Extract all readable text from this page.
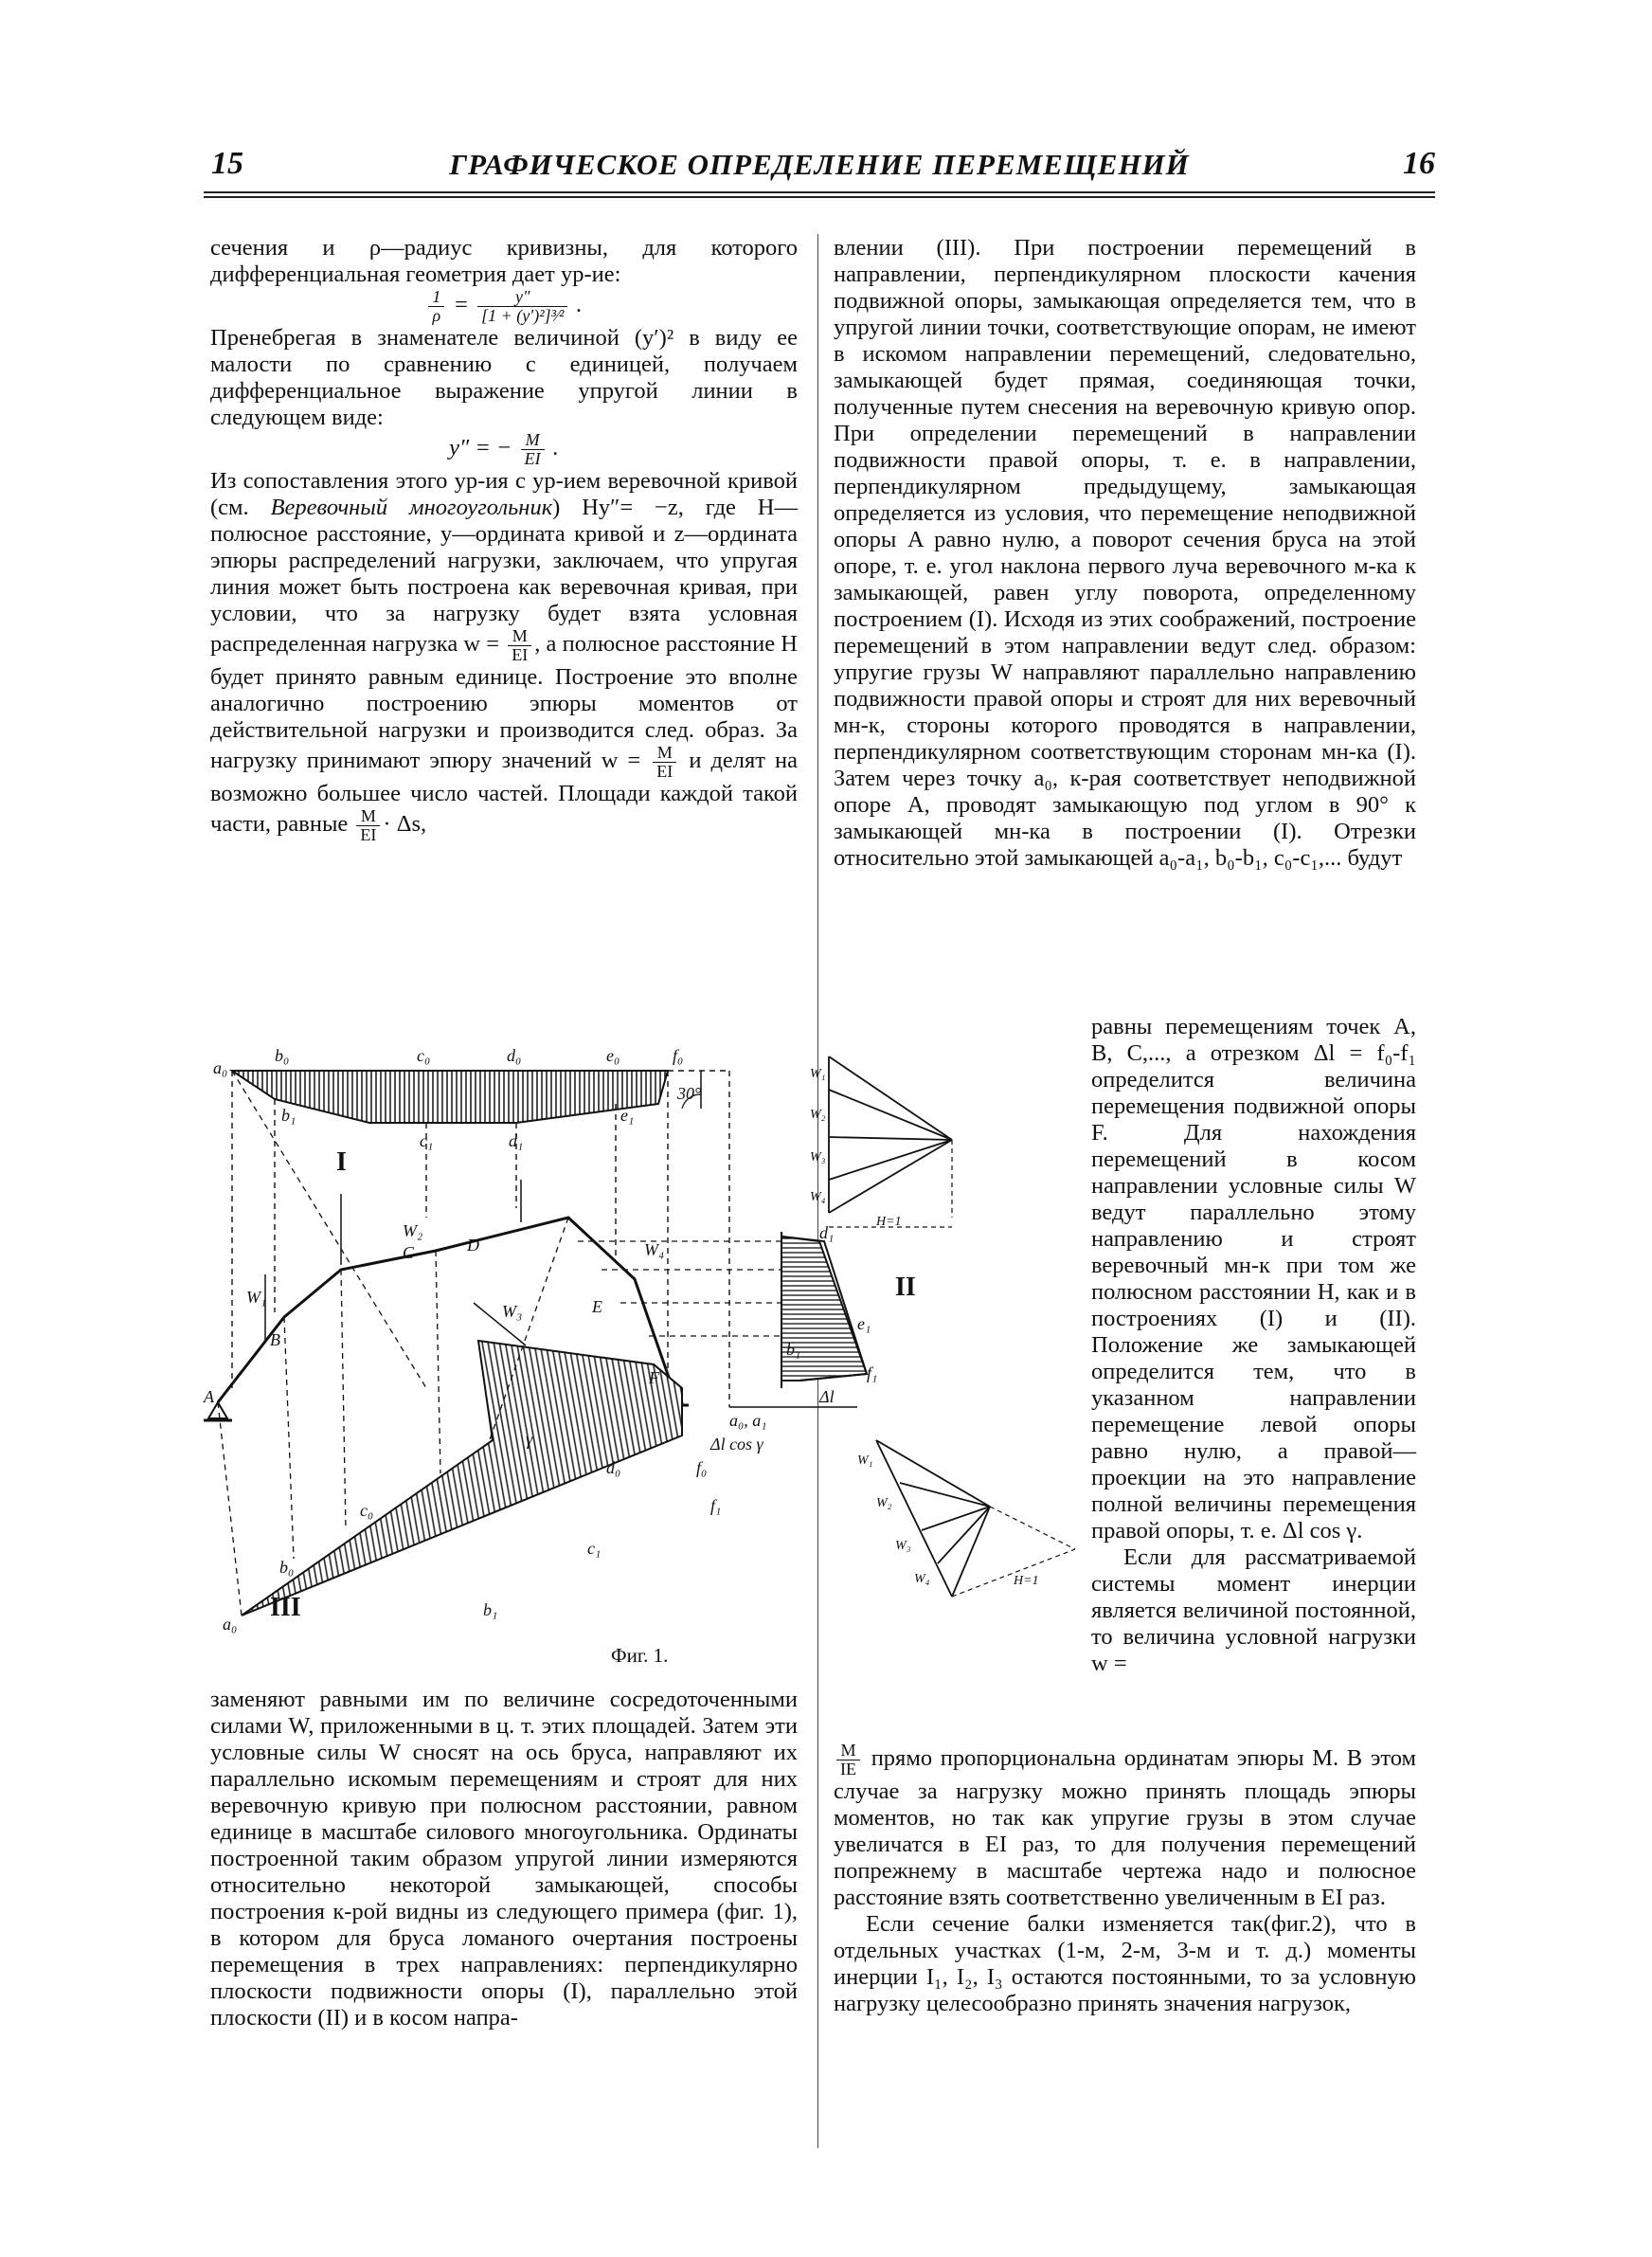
15	ГРАФИЧЕСКОЕ ОПРЕДЕЛЕНИЕ ПЕРЕМЕЩЕНИЙ	16

сечения и ρ—радиус кривизны, для которого дифференциальная геометрия дает ур-ие:

$\frac{1}{\rho} = \frac{y''}{\text{[1 + (y′)²]³⁄²}}$ .

Пренебрегая в знаменателе величиной (y′)² в виду ее малости по сравнению с единицей, получаем дифференциальное выражение упругой линии в следующем виде:

y″ = − $\frac{M}{EI}$ .

Из сопоставления этого ур-ия с ур-ием веревочной кривой (см. Веревочный многоугольник) Hy″= −z, где H—полюсное расстояние, y—ордината кривой и z—ордината эпюры распределений нагрузки, заключаем, что упругая линия может быть построена как веревочная кривая, при условии, что за нагрузку будет взята условная распределенная нагрузка $w = \frac{M}{EI}$ , а полюсное расстояние H будет принято равным единице. Построение это вполне аналогично построению эпюры моментов от действительной нагрузки и производится след. образ. За нагрузку принимают эпюру значений $w = \frac{M}{EI}$ и делят на возможно большее число частей. Площади каждой такой части, равные $\frac{M}{EI} \cdot \Delta s$,

влении (III). При построении перемещений в направлении, перпендикулярном плоскости качения подвижной опоры, замыкающая определяется тем, что в упругой линии точки, соответствующие опорам, не имеют в искомом направлении перемещений, следовательно, замыкающей будет прямая, соединяющая точки, полученные путем снесения на веревочную кривую опор. При определении перемещений в направлении подвижности правой опоры, т. е. в направлении, перпендикулярном предыдущему, замыкающая определяется из условия, что перемещение неподвижной опоры A равно нулю, а поворот сечения бруса на этой опоре, т. е. угол наклона первого луча веревочного м-ка к замыкающей, равен углу поворота, определенному построением (I). Исходя из этих соображений, построение перемещений в этом направлении ведут след. образом: упругие грузы W направляют параллельно направлению подвижности правой опоры и строят для них веревочный мн-к, стороны которого проводятся в направлении, перпендикулярном соответствующим сторонам мн-ка (I). Затем через точку a₀, к-рая соответствует неподвижной опоре A, проводят замыкающую под углом в 90° к замыкающей мн-ка в построении (I). Отрезки относительно этой замыкающей a₀-a₁, b₀-b₁, c₀-c₁,... будут

равны перемещениям точек A, B, C,..., а отрезком Δl = f₀-f₁ определится величина перемещения подвижной опоры F. Для нахождения перемещений в косом направлении условные силы W ведут параллельно этому направлению и строят веревочный мн-к при том же полюсном расстоянии H, как и в построениях (I) и (II). Положение же замыкающей определится тем, что в указанном направлении перемещение левой опоры равно нулю, а правой—проекции на это направление полной величины перемещения правой опоры, т. е. Δl cos γ.

Если для рассматриваемой системы момент инерции является величиной постоянной, то величина условной нагрузки w =

заменяют равными им по величине сосредоточенными силами W, приложенными в ц. т. этих площадей. Затем эти условные силы W сносят на ось бруса, направляют их параллельно искомым перемещениям и строят для них веревочную кривую при полюсном расстоянии, равном единице в масштабе силового многоугольника. Ординаты построенной таким образом упругой линии измеряются относительно некоторой замыкающей, способы построения к-рой видны из следующего примера (фиг. 1), в котором для бруса ломаного очертания построены перемещения в трех направлениях: перпендикулярно плоскости подвижности опоры (I), параллельно этой плоскости (II) и в косом напра-

$\frac{M}{IE}$ прямо пропорциональна ординатам эпюры M. В этом случае за нагрузку можно принять площадь эпюры моментов, но так как упругие грузы в этом случае увеличатся в EI раз, то для получения перемещений попрежнему в масштабе чертежа надо и полюсное расстояние взять соответственно увеличенным в EI раз.

Если сечение балки изменяется так(фиг.2), что в отдельных участках (1-м, 2-м, 3-м и т. д.) моменты инерции I₁, I₂, I₃ остаются постоянными, то за условную нагрузку целесообразно принять значения нагрузок,

a₀
b₀	c₀	d₀	e₀	f₀
b₁
c₁	d₁
e₁
30°
A
B
C	D
E
F
W₁
W₂
W₃
W₄
d₁
e₁
b₁
f₁
a₀, a₁
Δl
Δl cos γ
γ
a₀
b₀
b₁
c₀
c₁
d₀	f₀
f₁
I
II
III
W₁
W₂
W₃
W₄
H=1
W₁
W₂
W₃
W₄	H=1
Фиг. 1.
